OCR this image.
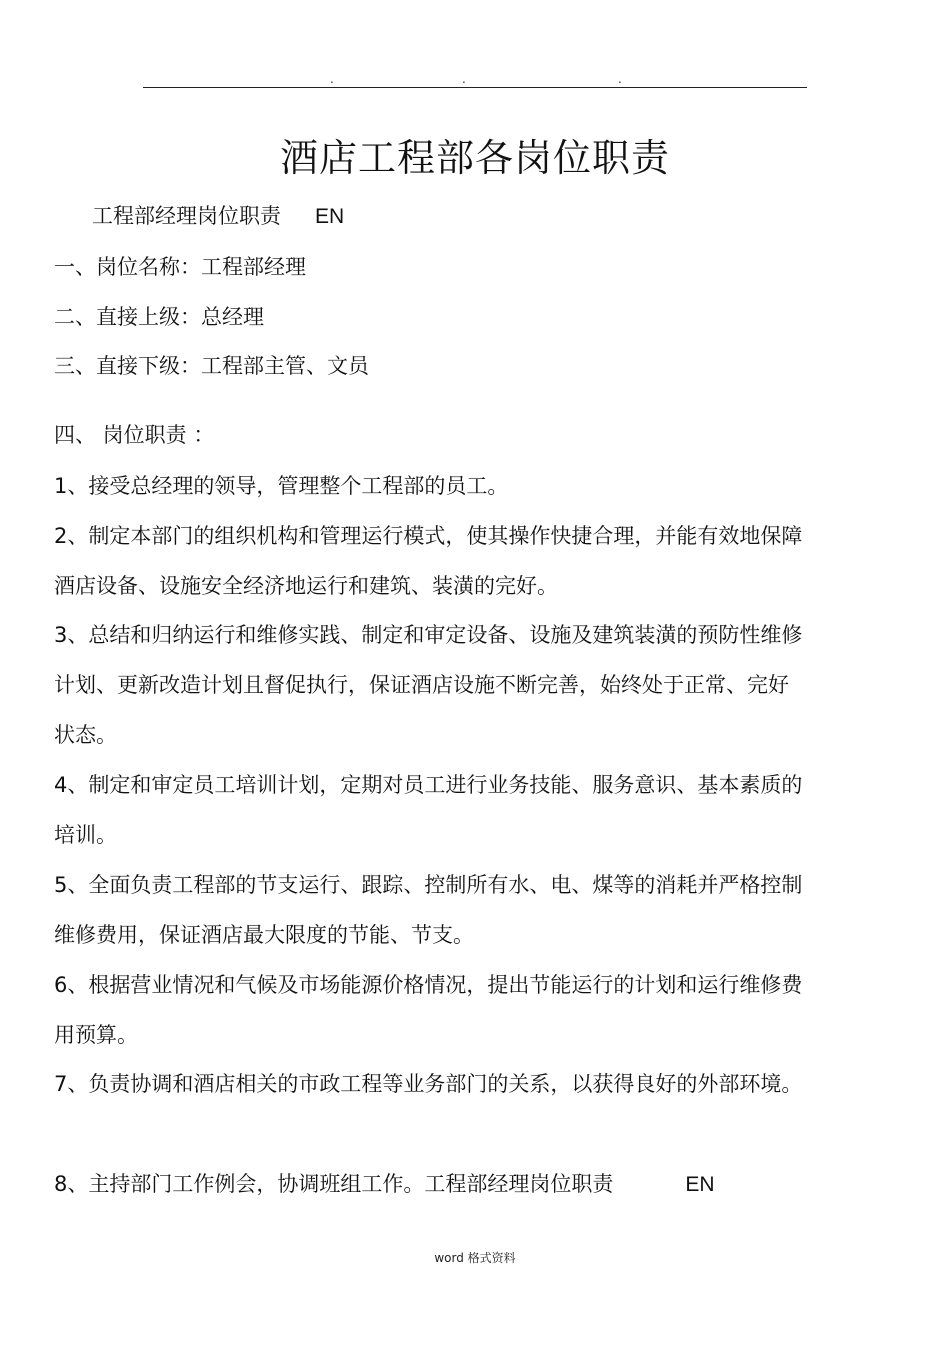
.	.	.
酒店工程部各岗位职责
工程部经理岗位职责 EN
一、岗位名称：工程部经理
二、直接上级：总经理
三、直接下级：工程部主管、文员
四、 岗位职责 ：
1、接受总经理的领导，管理整个工程部的员工。
2、制定本部门的组织机构和管理运行模式，使其操作快捷合理，并能有效地保障酒店设备、设施安全经济地运行和建筑、装潢的完好。
3、总结和归纳运行和维修实践、制定和审定设备、设施及建筑装潢的预防性维修计划、更新改造计划且督促执行，保证酒店设施不断完善，始终处于正常、完好状态。
4、制定和审定员工培训计划，定期对员工进行业务技能、服务意识、基本素质的培训。
5、全面负责工程部的节支运行、跟踪、控制所有水、电、煤等的消耗并严格控制维修费用，保证酒店最大限度的节能、节支。
6、根据营业情况和气候及市场能源价格情况，提出节能运行的计划和运行维修费用预算。
7、负责协调和酒店相关的市政工程等业务部门的关系，以获得良好的外部环境。
8、主持部门工作例会，协调班组工作。工程部经理岗位职责	EN
word 格式资料
